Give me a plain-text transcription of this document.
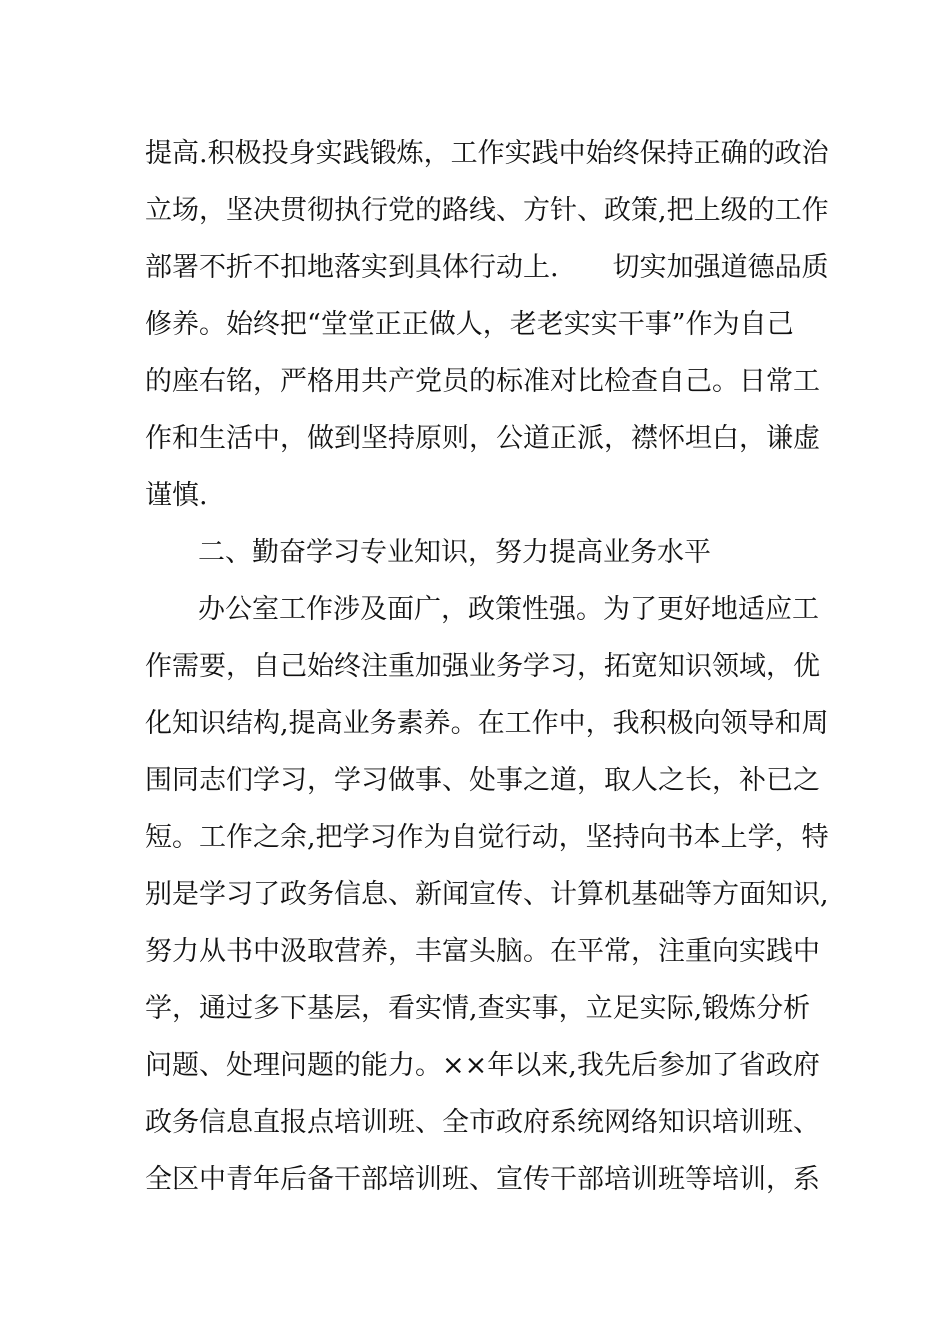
提高.积极投身实践锻炼，工作实践中始终保持正确的政治
立场，坚决贯彻执行党的路线、方针、政策,把上级的工作
部署不折不扣地落实到具体行动上.　　切实加强道德品质
修养。始终把“堂堂正正做人，老老实实干事”作为自己
的座右铭，严格用共产党员的标准对比检查自己。日常工
作和生活中，做到坚持原则，公道正派，襟怀坦白，谦虚
谨慎.
二、勤奋学习专业知识，努力提高业务水平
办公室工作涉及面广，政策性强。为了更好地适应工
作需要，自己始终注重加强业务学习，拓宽知识领域，优
化知识结构,提高业务素养。在工作中，我积极向领导和周
围同志们学习，学习做事、处事之道，取人之长，补已之
短。工作之余,把学习作为自觉行动，坚持向书本上学，特
别是学习了政务信息、新闻宣传、计算机基础等方面知识,
努力从书中汲取营养，丰富头脑。在平常，注重向实践中
学，通过多下基层，看实情,查实事，立足实际,锻炼分析
问题、处理问题的能力。××年以来,我先后参加了省政府
政务信息直报点培训班、全市政府系统网络知识培训班、
全区中青年后备干部培训班、宣传干部培训班等培训，系
